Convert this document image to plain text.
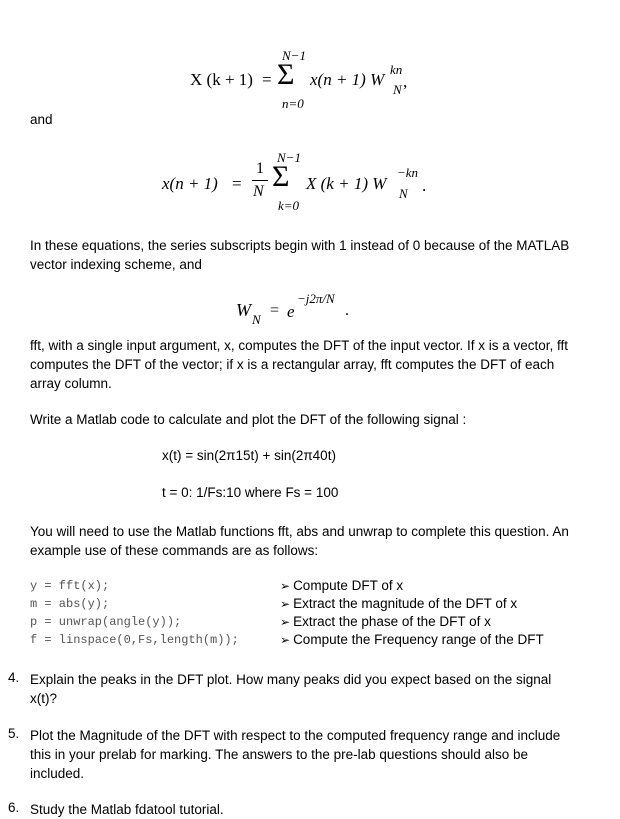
X (k + 1) =
N−1
Σ
n=0
x(n + 1) W
kn
N ,
and
x(n + 1) =
1
N
N−1
Σ
k=0
X (k + 1) W
−kn
N .
In these equations, the series subscripts begin with 1 instead of 0 because of the MATLAB vector indexing scheme, and
W N
= e
−j2π/N
.
fft, with a single input argument, x, computes the DFT of the input vector. If x is a vector, fft computes the DFT of the vector; if x is a rectangular array, fft computes the DFT of each array column.
Write a Matlab code to calculate and plot the DFT of the following signal :
x(t) = sin(2π15t) + sin(2π40t)
t = 0: 1/Fs:10 where Fs = 100
You will need to use the Matlab functions fft, abs and unwrap to complete this question. An example use of these commands are as follows:
y = fft(x);	➢ Compute DFT of x
m = abs(y);	➢ Extract the magnitude of the DFT of x
p = unwrap(angle(y));	➢ Extract the phase of the DFT of x
f = linspace(0,Fs,length(m));	➢ Compute the Frequency range of the DFT
4. Explain the peaks in the DFT plot. How many peaks did you expect based on the signal x(t)?
5. Plot the Magnitude of the DFT with respect to the computed frequency range and include this in your prelab for marking. The answers to the pre-lab questions should also be included.
6. Study the Matlab fdatool tutorial.
